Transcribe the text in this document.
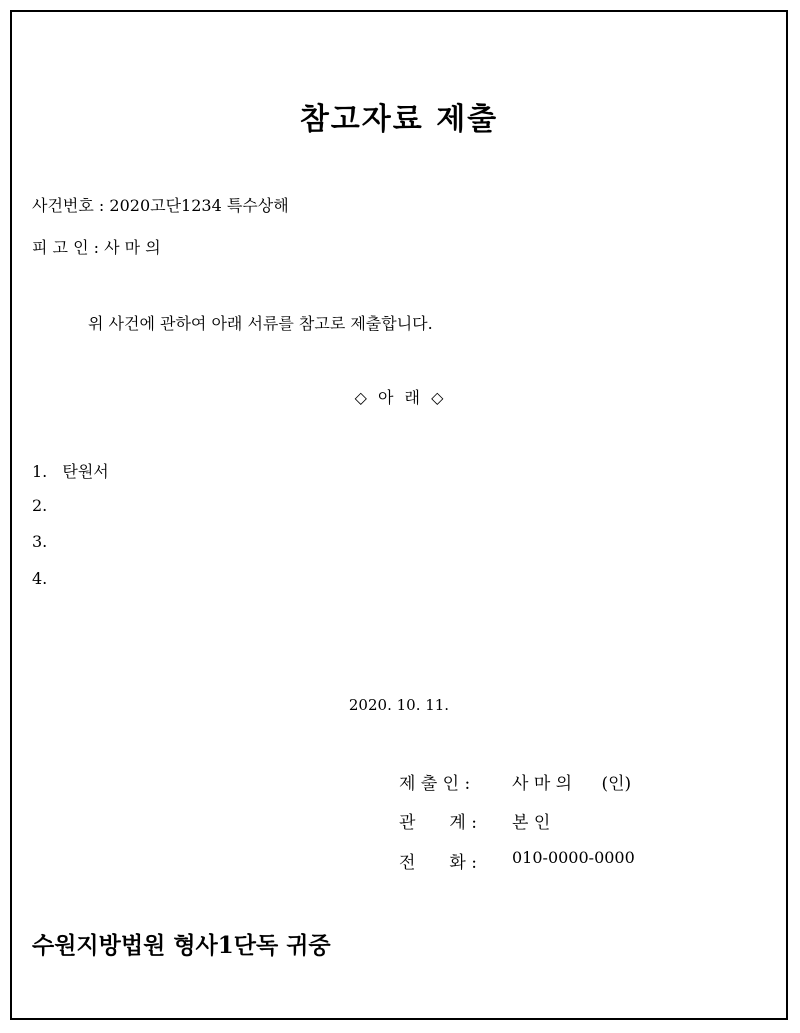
참고자료 제출
사건번호 : 2020고단1234 특수상해
피 고 인 : 사 마 의
위 사건에 관하여 아래 서류를 참고로 제출합니다.
◇ 아 래 ◇
1. 탄원서
2.
3.
4.
2020. 10. 11.
제 출 인 :	사 마 의 (인)
관　　계 :	본 인
전　　화 :	010-0000-0000
수원지방법원 형사1단독 귀중
